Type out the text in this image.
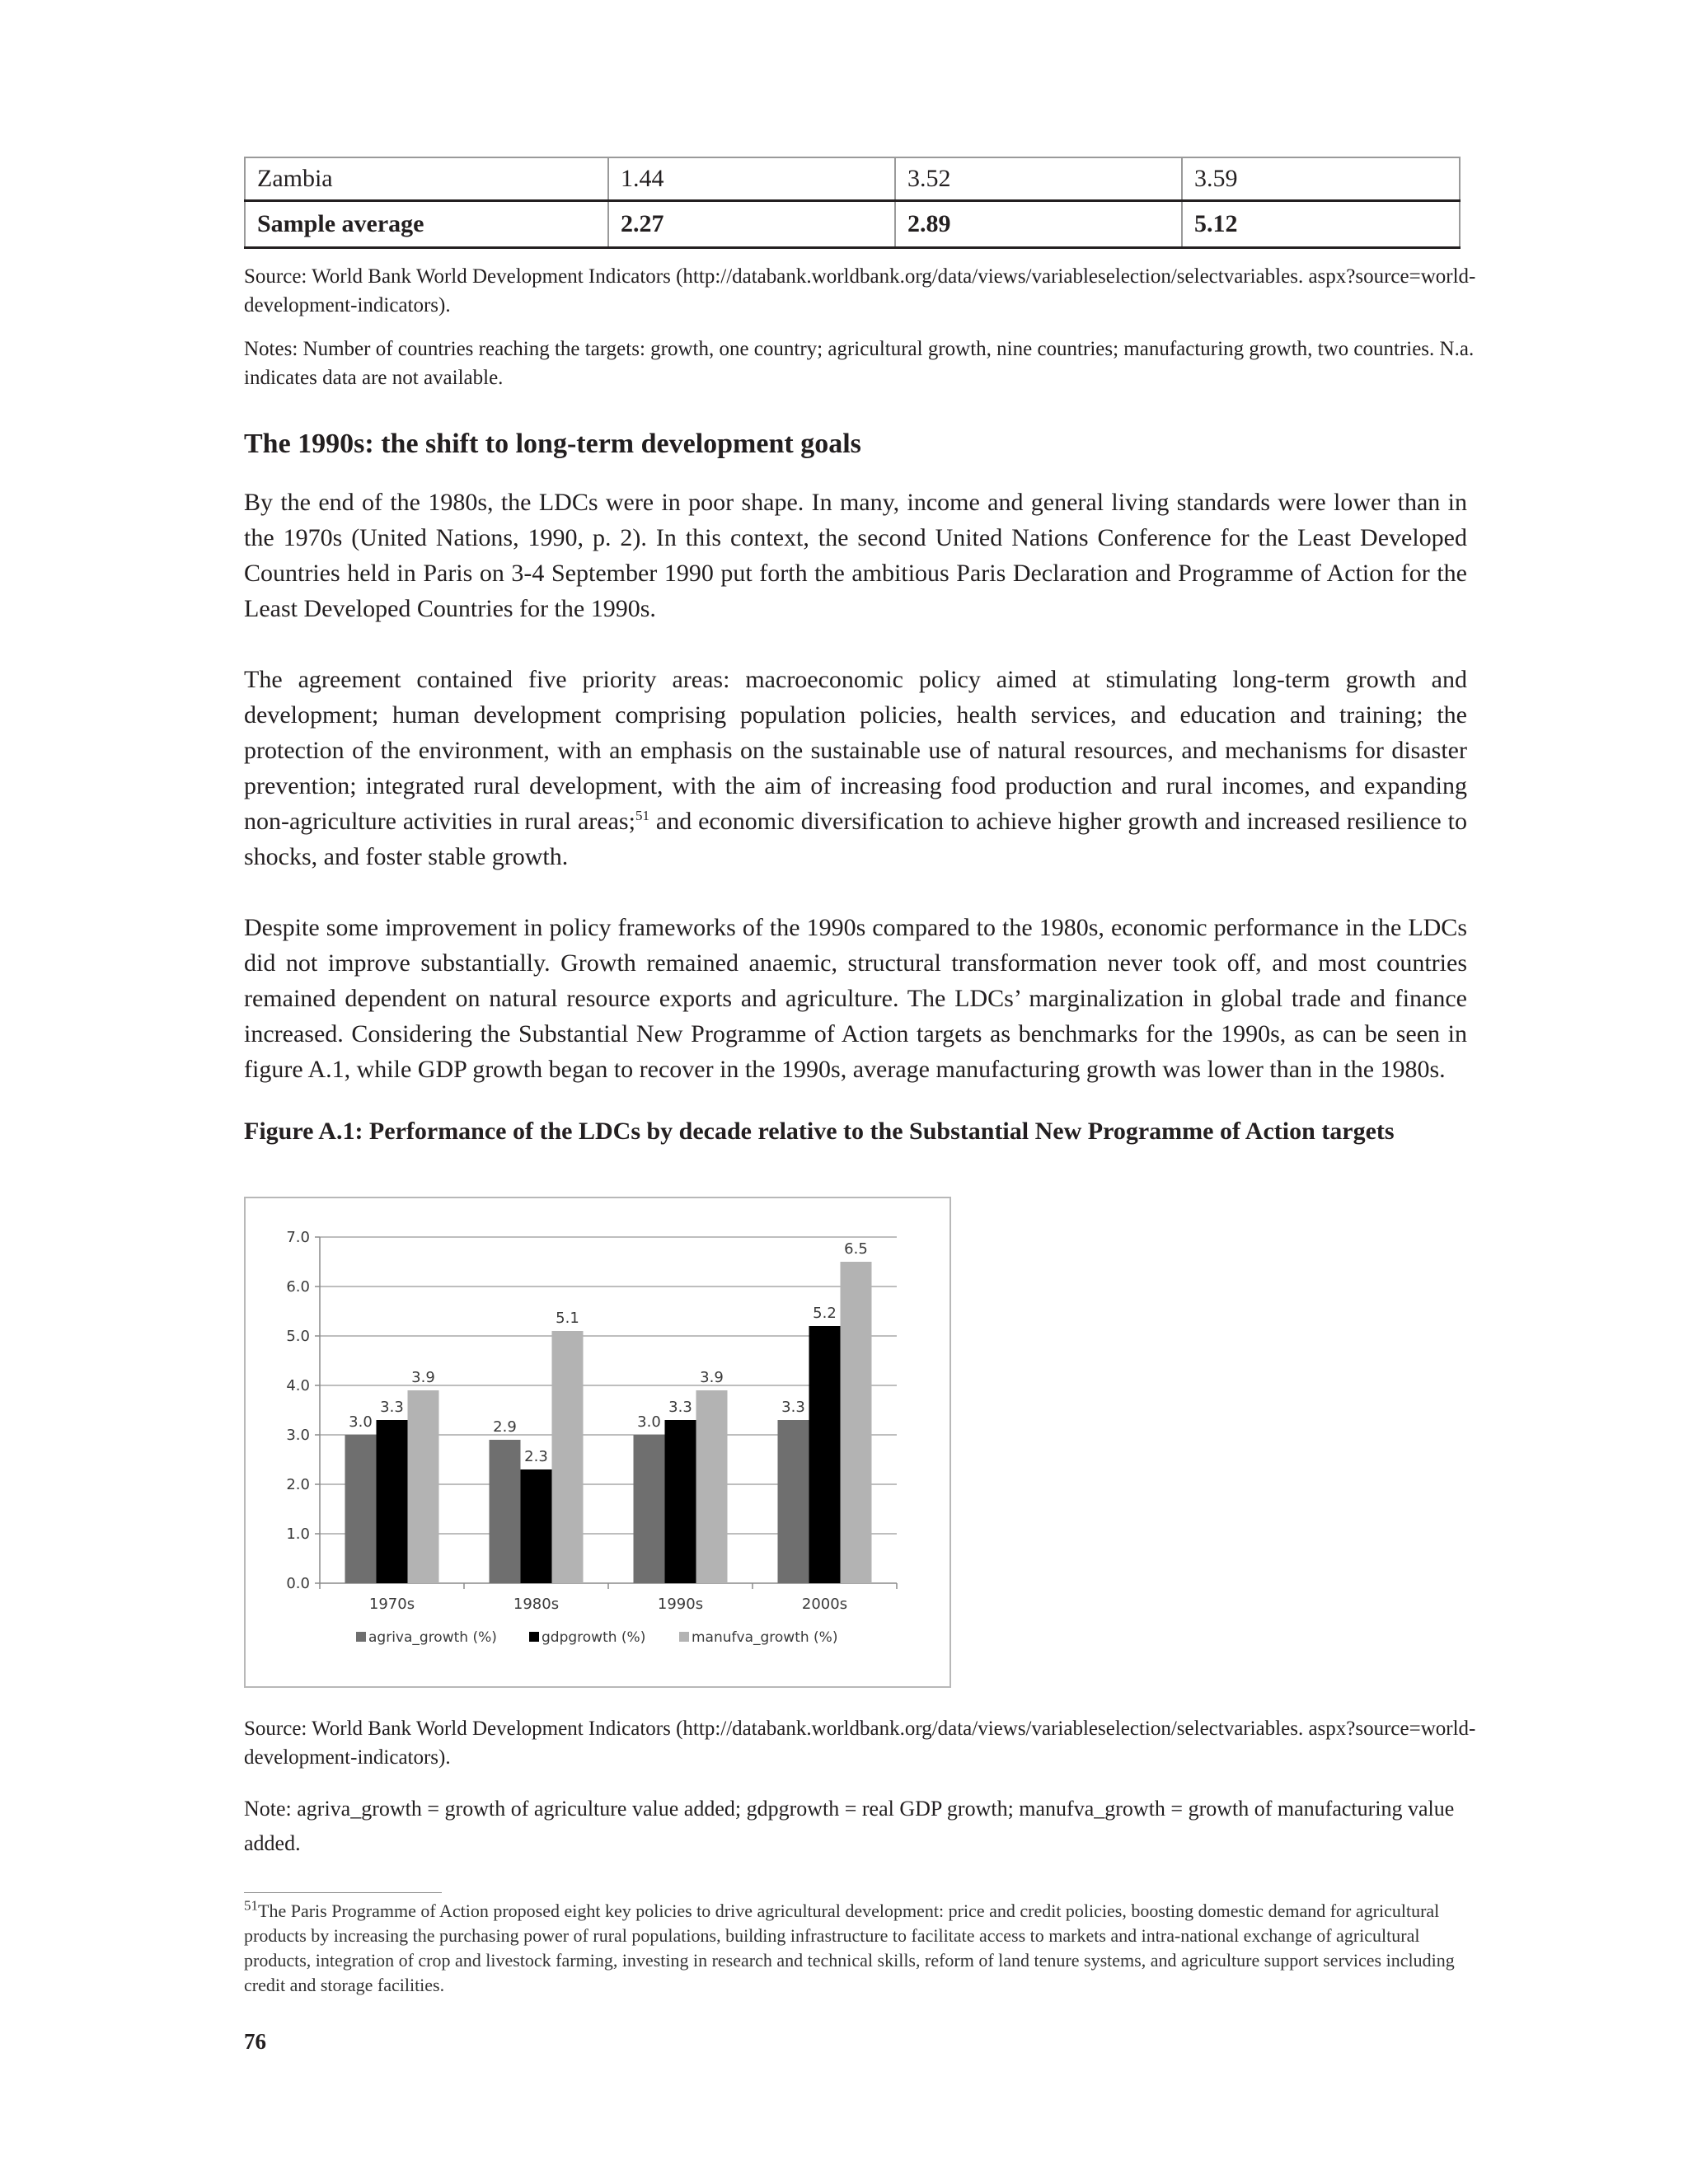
Zambia	1.44	3.52	3.59
Sample average	2.27	2.89	5.12

Source: World Bank World Development Indicators (http://databank.worldbank.org/data/views/variableselection/selectvariables. aspx?source=world-development-indicators).

Notes: Number of countries reaching the targets: growth, one country; agricultural growth, nine countries; manufacturing growth, two countries. N.a. indicates data are not available.

The 1990s: the shift to long-term development goals

By the end of the 1980s, the LDCs were in poor shape. In many, income and general living standards were lower than in the 1970s (United Nations, 1990, p. 2). In this context, the second United Nations Conference for the Least Developed Countries held in Paris on 3-4 September 1990 put forth the ambitious Paris Declaration and Programme of Action for the Least Developed Countries for the 1990s.

The agreement contained five priority areas: macroeconomic policy aimed at stimulating long-term growth and development; human development comprising population policies, health services, and education and training; the protection of the environment, with an emphasis on the sustainable use of natural resources, and mechanisms for disaster prevention; integrated rural development, with the aim of increasing food production and rural incomes, and expanding non-agriculture activities in rural areas;$^{51}$ and economic diversification to achieve higher growth and increased resilience to shocks, and foster stable growth.

Despite some improvement in policy frameworks of the 1990s compared to the 1980s, economic performance in the LDCs did not improve substantially. Growth remained anaemic, structural transformation never took off, and most countries remained dependent on natural resource exports and agriculture. The LDCs’ marginalization in global trade and finance increased. Considering the Substantial New Programme of Action targets as benchmarks for the 1990s, as can be seen in figure A.1, while GDP growth began to recover in the 1990s, average manufacturing growth was lower than in the 1980s.

Figure A.1: Performance of the LDCs by decade relative to the Substantial New Programme of Action targets

0.0
1.0
2.0
3.0
4.0
5.0
6.0
7.0
3.0
3.3
3.9
1970s
2.9
2.3
5.1
1980s
3.0
3.3
3.9
1990s
3.3
5.2
6.5
2000s
agriva_growth (%)	gdpgrowth (%)	manufva_growth (%)

Source: World Bank World Development Indicators (http://databank.worldbank.org/data/views/variableselection/selectvariables. aspx?source=world-development-indicators).

Note: agriva_growth = growth of agriculture value added; gdpgrowth = real GDP growth; manufva_growth = growth of manufacturing value added.

$^{51}$The Paris Programme of Action proposed eight key policies to drive agricultural development: price and credit policies, boosting domestic demand for agricultural products by increasing the purchasing power of rural populations, building infrastructure to facilitate access to markets and intra-national exchange of agricultural products, integration of crop and livestock farming, investing in research and technical skills, reform of land tenure systems, and agriculture support services including credit and storage facilities.

76
